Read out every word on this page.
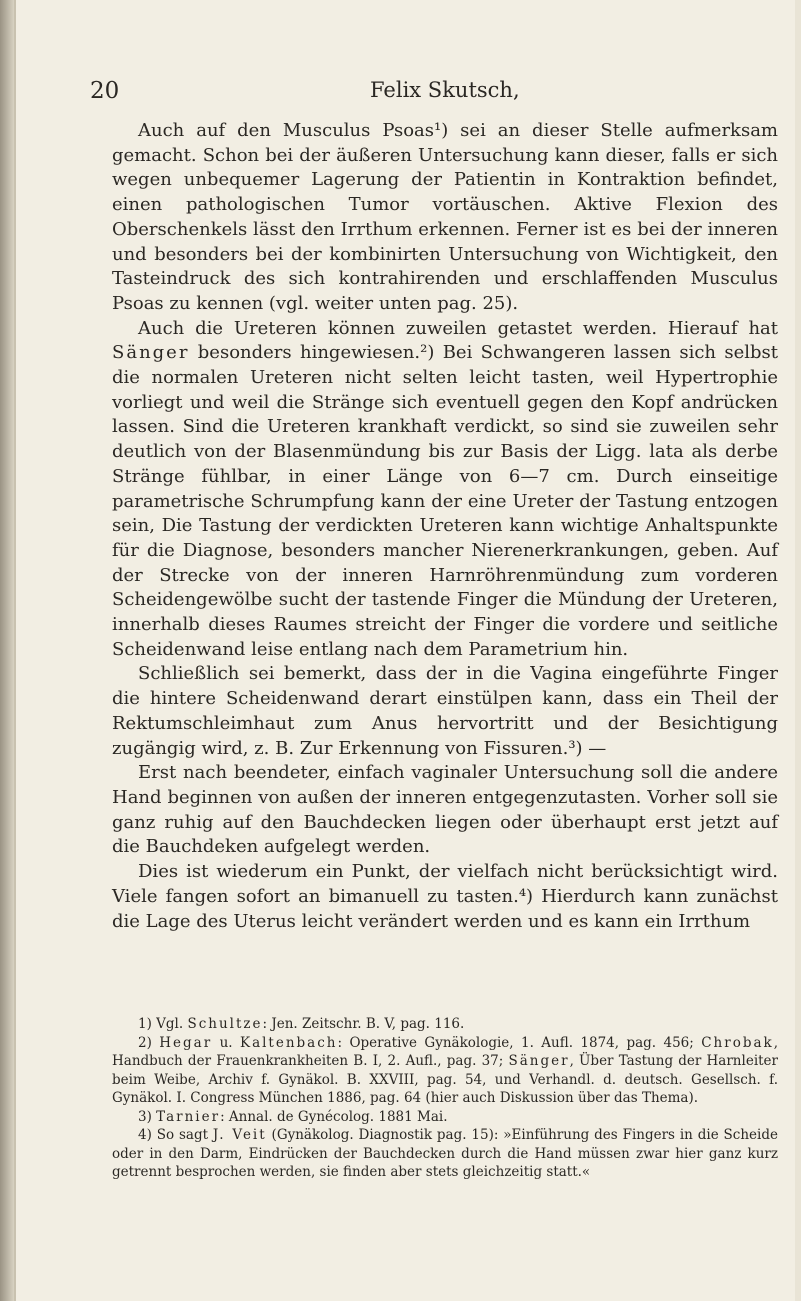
20	Felix Skutsch,

Auch auf den Musculus Psoas¹) sei an dieser Stelle aufmerksam gemacht. Schon bei der äußeren Untersuchung kann dieser, falls er sich wegen unbequemer Lagerung der Patientin in Kontraktion befindet, einen pathologischen Tumor vortäuschen. Aktive Flexion des Oberschenkels lässt den Irrthum erkennen. Ferner ist es bei der inneren und besonders bei der kombinirten Untersuchung von Wichtigkeit, den Tasteindruck des sich kontrahirenden und erschlaffenden Musculus Psoas zu kennen (vgl. weiter unten pag. 25).

Auch die Ureteren können zuweilen getastet werden. Hierauf hat Sänger besonders hingewiesen.²) Bei Schwangeren lassen sich selbst die normalen Ureteren nicht selten leicht tasten, weil Hypertrophie vorliegt und weil die Stränge sich eventuell gegen den Kopf andrücken lassen. Sind die Ureteren krankhaft verdickt, so sind sie zuweilen sehr deutlich von der Blasenmündung bis zur Basis der Ligg. lata als derbe Stränge fühlbar, in einer Länge von 6—7 cm. Durch einseitige parametrische Schrumpfung kann der eine Ureter der Tastung entzogen sein, Die Tastung der verdickten Ureteren kann wichtige Anhaltspunkte für die Diagnose, besonders mancher Nierenerkrankungen, geben. Auf der Strecke von der inneren Harnröhrenmündung zum vorderen Scheidengewölbe sucht der tastende Finger die Mündung der Ureteren, innerhalb dieses Raumes streicht der Finger die vordere und seitliche Scheidenwand leise entlang nach dem Parametrium hin.

Schließlich sei bemerkt, dass der in die Vagina eingeführte Finger die hintere Scheidenwand derart einstülpen kann, dass ein Theil der Rektumschleimhaut zum Anus hervortritt und der Besichtigung zugängig wird, z. B. Zur Erkennung von Fissuren.³) —

Erst nach beendeter, einfach vaginaler Untersuchung soll die andere Hand beginnen von außen der inneren entgegenzutasten. Vorher soll sie ganz ruhig auf den Bauchdecken liegen oder überhaupt erst jetzt auf die Bauchdeken aufgelegt werden.

Dies ist wiederum ein Punkt, der vielfach nicht berücksichtigt wird. Viele fangen sofort an bimanuell zu tasten.⁴) Hierdurch kann zunächst die Lage des Uterus leicht verändert werden und es kann ein Irrthum

1) Vgl. Schultze: Jen. Zeitschr. B. V, pag. 116.

2) Hegar u. Kaltenbach: Operative Gynäkologie, 1. Aufl. 1874, pag. 456; Chrobak, Handbuch der Frauenkrankheiten B. I, 2. Aufl., pag. 37; Sänger, Über Tastung der Harnleiter beim Weibe, Archiv f. Gynäkol. B. XXVIII, pag. 54, und Verhandl. d. deutsch. Gesellsch. f. Gynäkol. I. Congress München 1886, pag. 64 (hier auch Diskussion über das Thema).

3) Tarnier: Annal. de Gynécolog. 1881 Mai.

4) So sagt J. Veit (Gynäkolog. Diagnostik pag. 15): »Einführung des Fingers in die Scheide oder in den Darm, Eindrücken der Bauchdecken durch die Hand müssen zwar hier ganz kurz getrennt besprochen werden, sie finden aber stets gleichzeitig statt.«
